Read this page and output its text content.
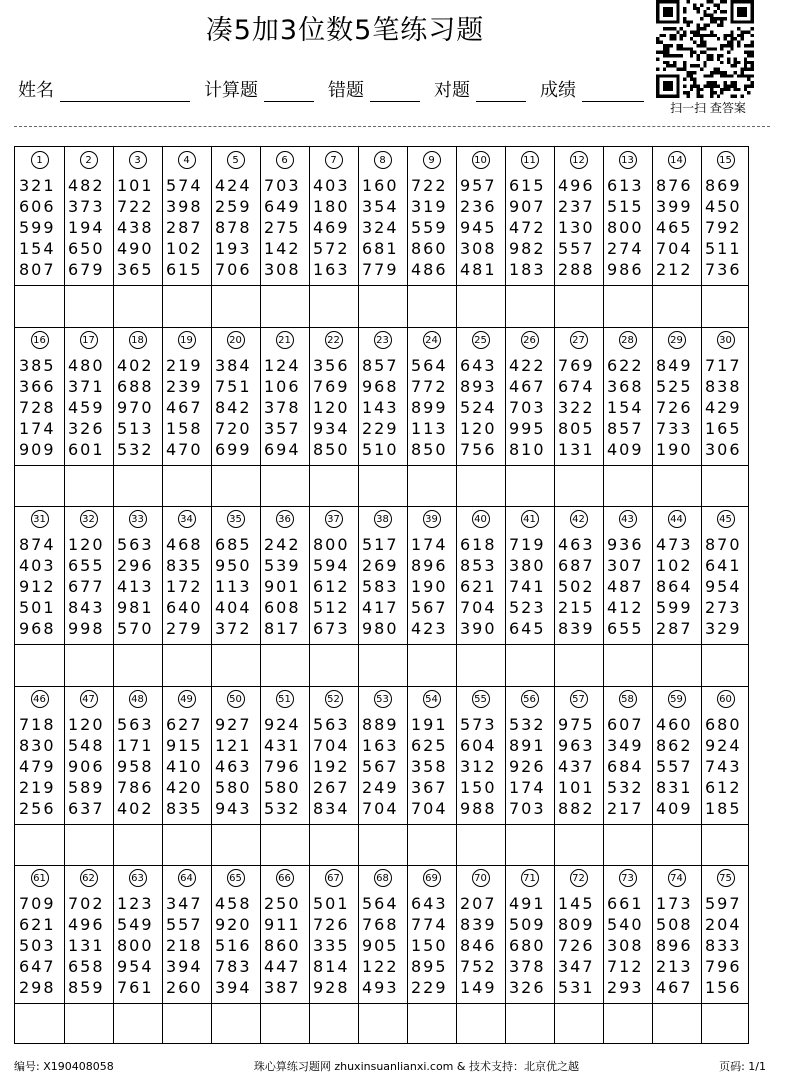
凑5加3位数5笔练习题
扫一扫 查答案
姓名	计算题	错题	对题	成绩
1
321
606
599
154
807
2
482
373
194
650
679
3
101
722
438
490
365
4
574
398
287
102
615
5
424
259
878
193
706
6
703
649
275
142
308
7
403
180
469
572
163
8
160
354
324
681
779
9
722
319
559
860
486
10
957
236
945
308
481
11
615
907
472
982
183
12
496
237
130
557
288
13
613
515
800
274
986
14
876
399
465
704
212
15
869
450
792
511
736
16
385
366
728
174
909
17
480
371
459
326
601
18
402
688
970
513
532
19
219
239
467
158
470
20
384
751
842
720
699
21
124
106
378
357
694
22
356
769
120
934
850
23
857
968
143
229
510
24
564
772
899
113
850
25
643
893
524
120
756
26
422
467
703
995
810
27
769
674
322
805
131
28
622
368
154
857
409
29
849
525
726
733
190
30
717
838
429
165
306
31
874
403
912
501
968
32
120
655
677
843
998
33
563
296
413
981
570
34
468
835
172
640
279
35
685
950
113
404
372
36
242
539
901
608
817
37
800
594
612
512
673
38
517
269
583
417
980
39
174
896
190
567
423
40
618
853
621
704
390
41
719
380
741
523
645
42
463
687
502
215
839
43
936
307
487
412
655
44
473
102
864
599
287
45
870
641
954
273
329
46
718
830
479
219
256
47
120
548
906
589
637
48
563
171
958
786
402
49
627
915
410
420
835
50
927
121
463
580
943
51
924
431
796
580
532
52
563
704
192
267
834
53
889
163
567
249
704
54
191
625
358
367
704
55
573
604
312
150
988
56
532
891
926
174
703
57
975
963
437
101
882
58
607
349
684
532
217
59
460
862
557
831
409
60
680
924
743
612
185
61
709
621
503
647
298
62
702
496
131
658
859
63
123
549
800
954
761
64
347
557
218
394
260
65
458
920
516
783
394
66
250
911
860
447
387
67
501
726
335
814
928
68
564
768
905
122
493
69
643
774
150
895
229
70
207
839
846
752
149
71
491
509
680
378
326
72
145
809
726
347
531
73
661
540
308
712
293
74
173
508
896
213
467
75
597
204
833
796
156
编号: X190408058	珠心算练习题网 zhuxinsuanlianxi.com & 技术支持：北京优之越	页码: 1/1
